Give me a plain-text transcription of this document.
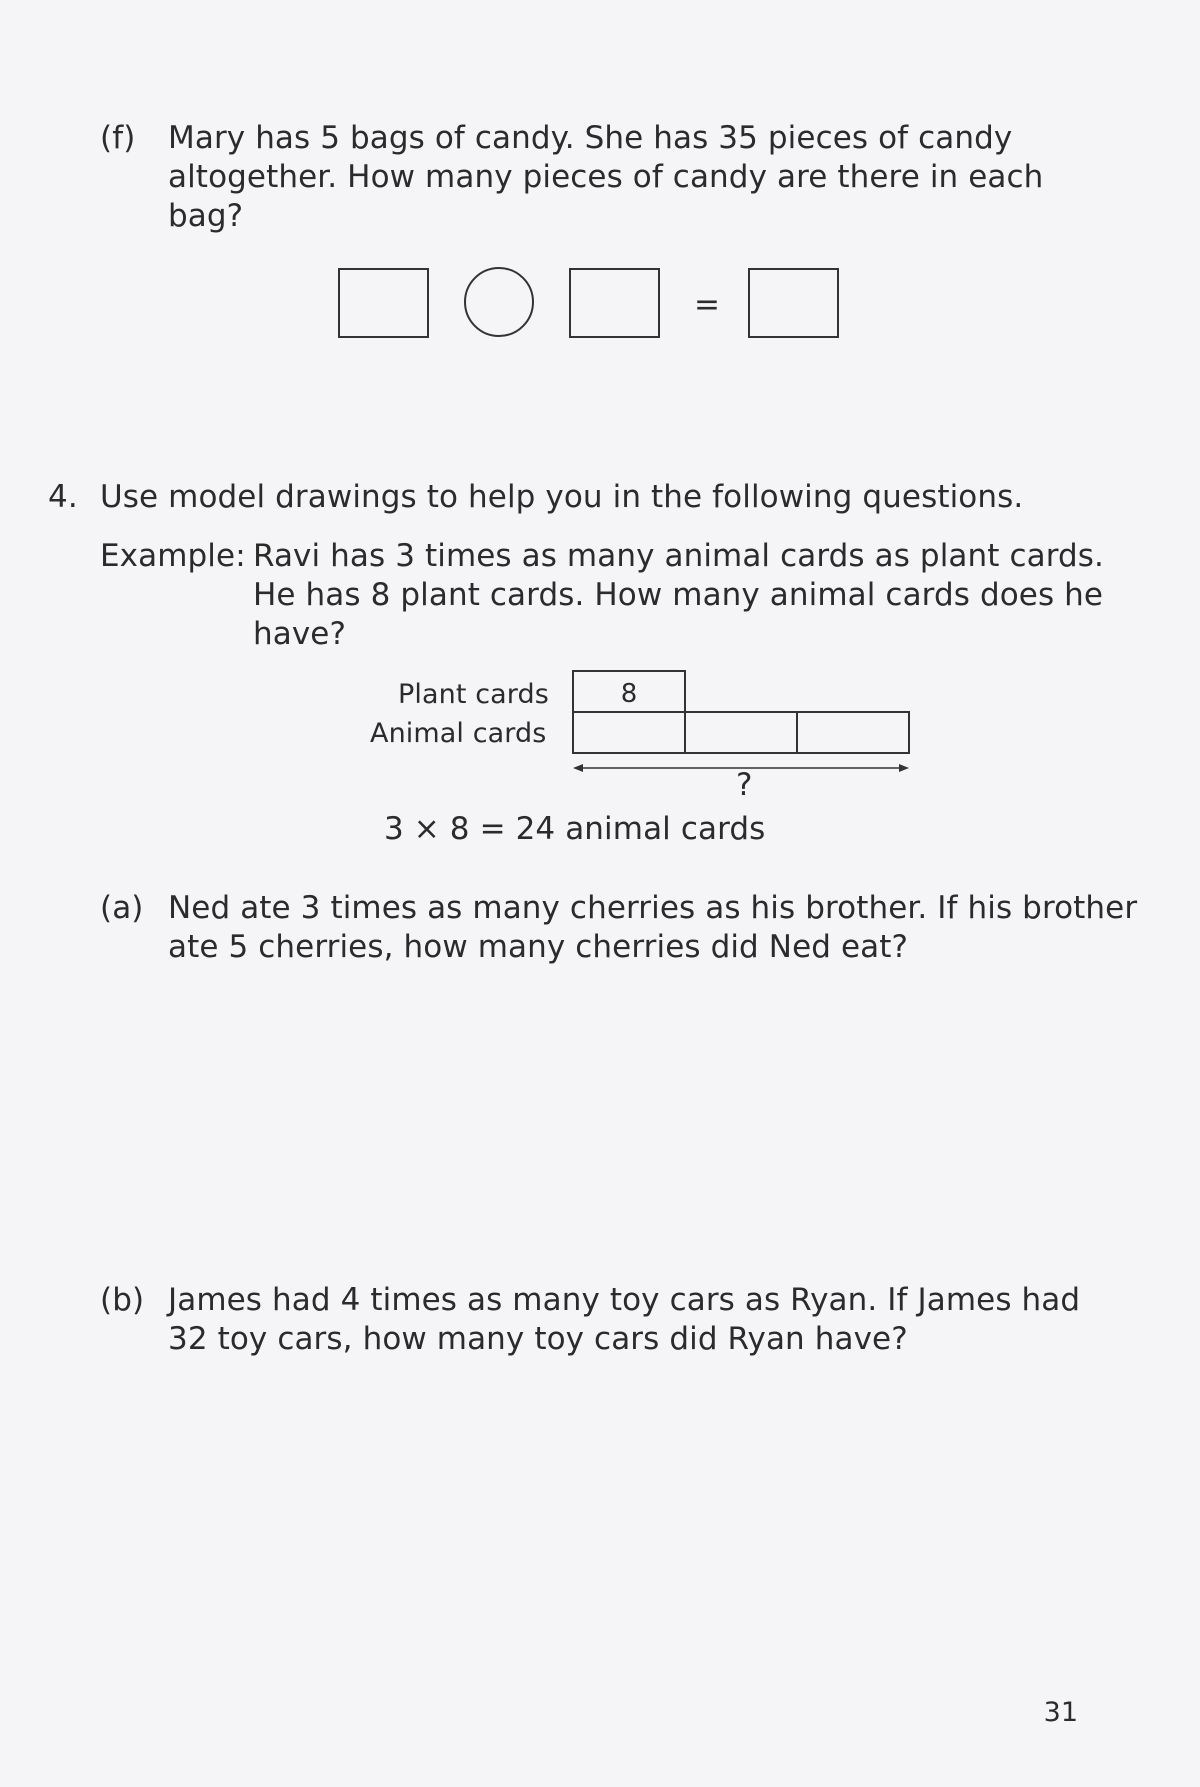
(f) Mary has 5 bags of candy. She has 35 pieces of candy
altogether. How many pieces of candy are there in each
bag?
=
4. Use model drawings to help you in the following questions.
Example: Ravi has 3 times as many animal cards as plant cards.
He has 8 plant cards. How many animal cards does he
have?
Plant cards
Animal cards
8
?
3 × 8 = 24 animal cards
(a) Ned ate 3 times as many cherries as his brother. If his brother
ate 5 cherries, how many cherries did Ned eat?
(b) James had 4 times as many toy cars as Ryan. If James had
32 toy cars, how many toy cars did Ryan have?
31
